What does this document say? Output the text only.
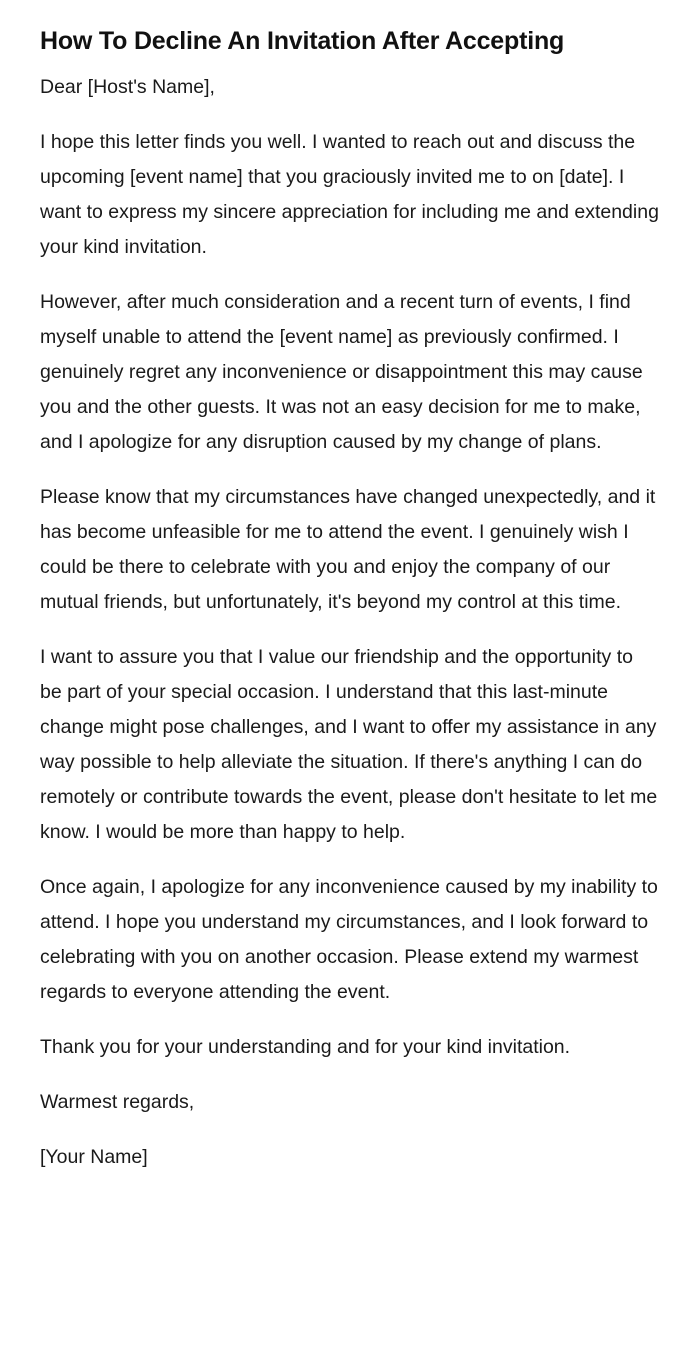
How To Decline An Invitation After Accepting

Dear [Host's Name],

I hope this letter finds you well. I wanted to reach out and discuss the upcoming [event name] that you graciously invited me to on [date]. I want to express my sincere appreciation for including me and extending your kind invitation.

However, after much consideration and a recent turn of events, I find myself unable to attend the [event name] as previously confirmed. I genuinely regret any inconvenience or disappointment this may cause you and the other guests. It was not an easy decision for me to make, and I apologize for any disruption caused by my change of plans.

Please know that my circumstances have changed unexpectedly, and it has become unfeasible for me to attend the event. I genuinely wish I could be there to celebrate with you and enjoy the company of our mutual friends, but unfortunately, it's beyond my control at this time.

I want to assure you that I value our friendship and the opportunity to be part of your special occasion. I understand that this last-minute change might pose challenges, and I want to offer my assistance in any way possible to help alleviate the situation. If there's anything I can do remotely or contribute towards the event, please don't hesitate to let me know. I would be more than happy to help.

Once again, I apologize for any inconvenience caused by my inability to attend. I hope you understand my circumstances, and I look forward to celebrating with you on another occasion. Please extend my warmest regards to everyone attending the event.

Thank you for your understanding and for your kind invitation.

Warmest regards,

[Your Name]
